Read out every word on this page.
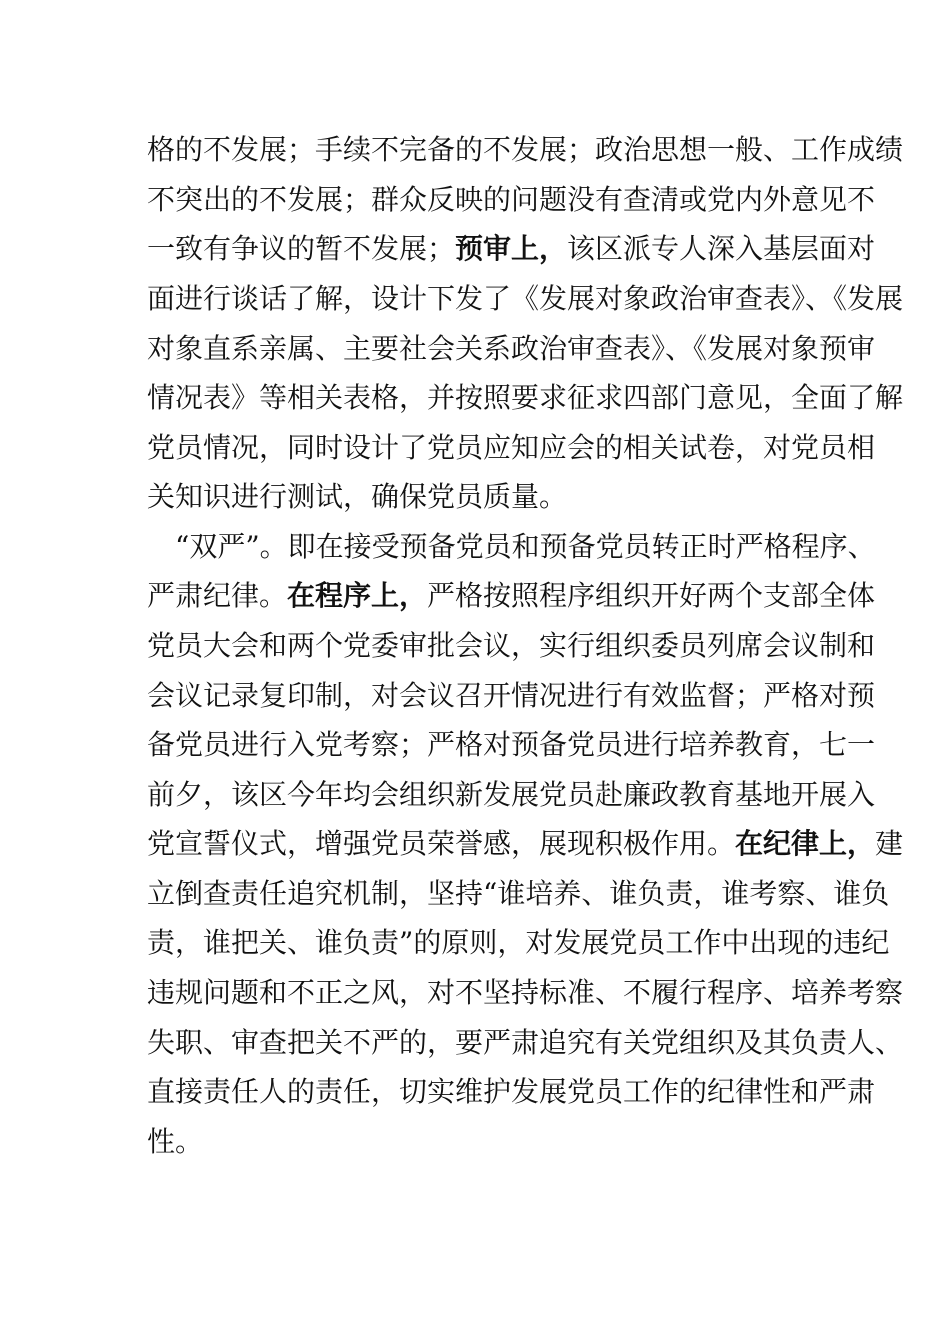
格的不发展；手续不完备的不发展；政治思想一般、工作成绩
不突出的不发展；群众反映的问题没有查清或党内外意见不
一致有争议的暂不发展；预审上，该区派专人深入基层面对
面进行谈话了解，设计下发了《发展对象政治审查表》、《发展
对象直系亲属、主要社会关系政治审查表》、《发展对象预审
情况表》等相关表格，并按照要求征求四部门意见，全面了解
党员情况，同时设计了党员应知应会的相关试卷，对党员相
关知识进行测试，确保党员质量。
“双严”。即在接受预备党员和预备党员转正时严格程序、
严肃纪律。在程序上，严格按照程序组织开好两个支部全体
党员大会和两个党委审批会议，实行组织委员列席会议制和
会议记录复印制，对会议召开情况进行有效监督；严格对预
备党员进行入党考察；严格对预备党员进行培养教育，七一
前夕，该区今年均会组织新发展党员赴廉政教育基地开展入
党宣誓仪式，增强党员荣誉感，展现积极作用。在纪律上，建
立倒查责任追究机制，坚持“谁培养、谁负责，谁考察、谁负
责，谁把关、谁负责”的原则，对发展党员工作中出现的违纪
违规问题和不正之风，对不坚持标准、不履行程序、培养考察
失职、审查把关不严的，要严肃追究有关党组织及其负责人、
直接责任人的责任，切实维护发展党员工作的纪律性和严肃
性。
